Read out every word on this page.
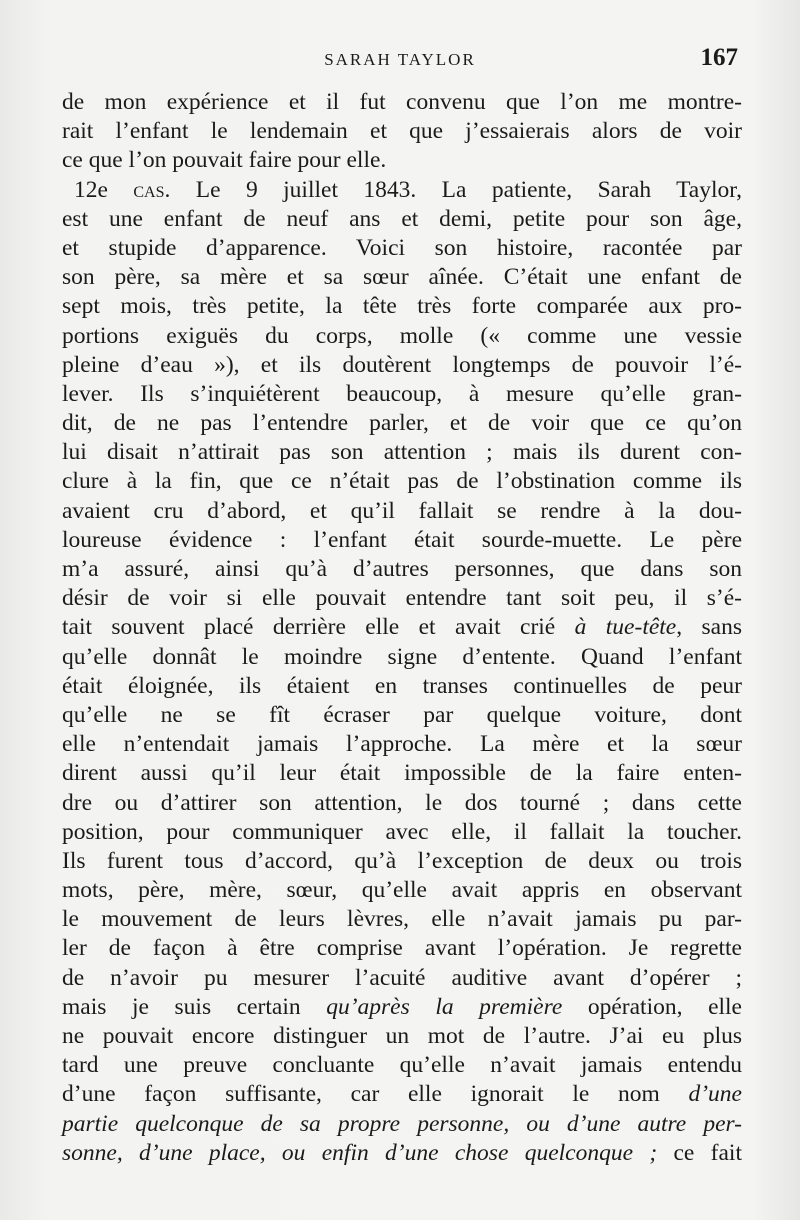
SARAH TAYLOR	167
de mon expérience et il fut convenu que l’on me montre-
rait l’enfant le lendemain et que j’essaierais alors de voir
ce que l’on pouvait faire pour elle.
12e cas. Le 9 juillet 1843. La patiente, Sarah Taylor,
est une enfant de neuf ans et demi, petite pour son âge,
et stupide d’apparence. Voici son histoire, racontée par
son père, sa mère et sa sœur aînée. C’était une enfant de
sept mois, très petite, la tête très forte comparée aux pro-
portions exiguës du corps, molle (« comme une vessie
pleine d’eau »), et ils doutèrent longtemps de pouvoir l’é-
lever. Ils s’inquiétèrent beaucoup, à mesure qu’elle gran-
dit, de ne pas l’entendre parler, et de voir que ce qu’on
lui disait n’attirait pas son attention ; mais ils durent con-
clure à la fin, que ce n’était pas de l’obstination comme ils
avaient cru d’abord, et qu’il fallait se rendre à la dou-
loureuse évidence : l’enfant était sourde-muette. Le père
m’a assuré, ainsi qu’à d’autres personnes, que dans son
désir de voir si elle pouvait entendre tant soit peu, il s’é-
tait souvent placé derrière elle et avait crié à tue-tête, sans
qu’elle donnât le moindre signe d’entente. Quand l’enfant
était éloignée, ils étaient en transes continuelles de peur
qu’elle ne se fît écraser par quelque voiture, dont
elle n’entendait jamais l’approche. La mère et la sœur
dirent aussi qu’il leur était impossible de la faire enten-
dre ou d’attirer son attention, le dos tourné ; dans cette
position, pour communiquer avec elle, il fallait la toucher.
Ils furent tous d’accord, qu’à l’exception de deux ou trois
mots, père, mère, sœur, qu’elle avait appris en observant
le mouvement de leurs lèvres, elle n’avait jamais pu par-
ler de façon à être comprise avant l’opération. Je regrette
de n’avoir pu mesurer l’acuité auditive avant d’opérer ;
mais je suis certain qu’après la première opération, elle
ne pouvait encore distinguer un mot de l’autre. J’ai eu plus
tard une preuve concluante qu’elle n’avait jamais entendu
d’une façon suffisante, car elle ignorait le nom d’une
partie quelconque de sa propre personne, ou d’une autre per-
sonne, d’une place, ou enfin d’une chose quelconque ; ce fait
